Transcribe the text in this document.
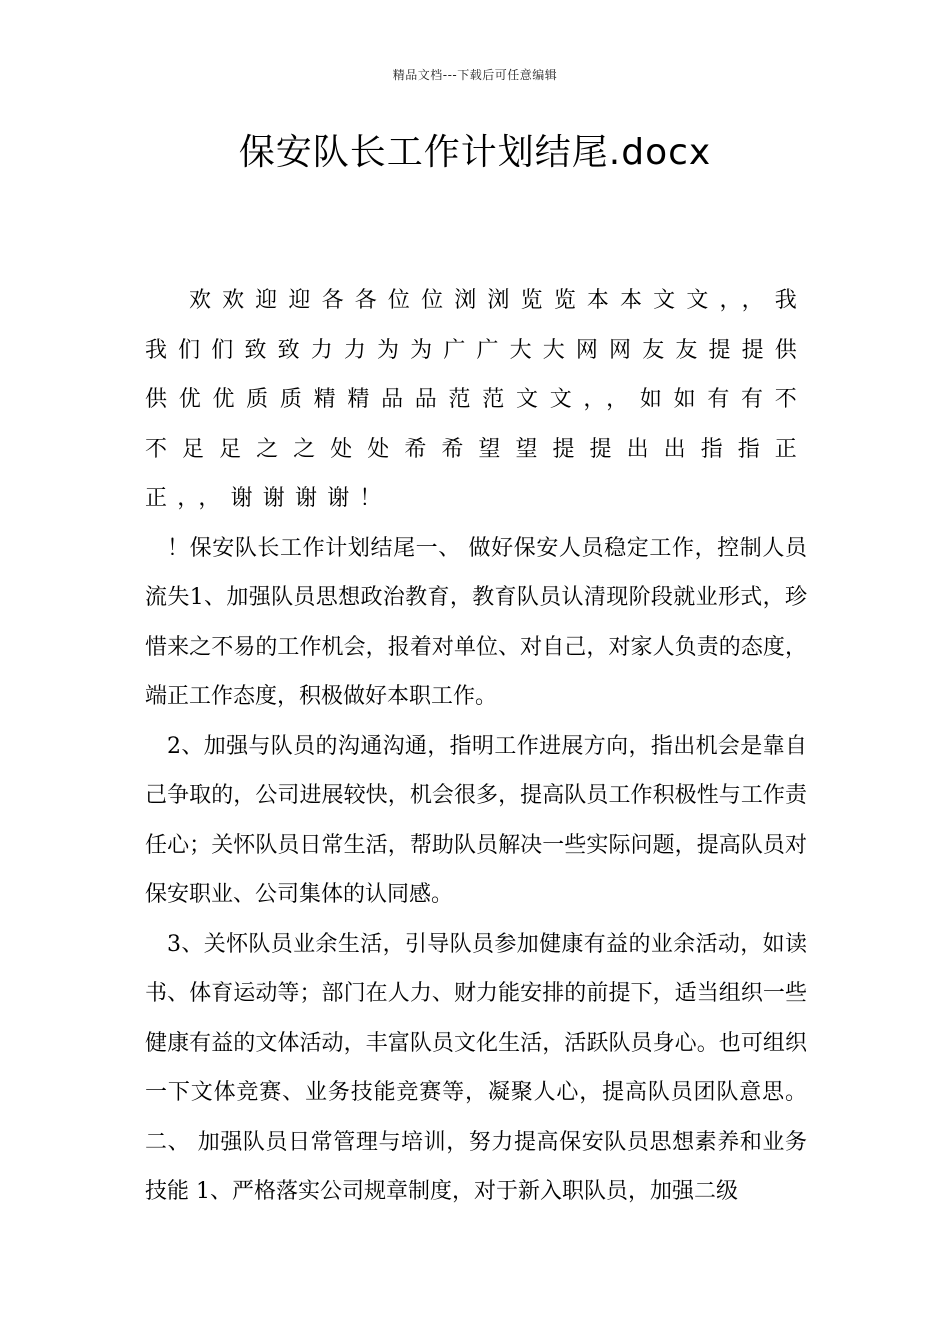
精品文档---下载后可任意编辑
保安队长工作计划结尾.docx

欢欢迎迎各各位位浏浏览览本本文文，，我我们们致致力力为为广广大大网网友友提提供供优优质质精精品品范范文文，，如如有有不不足足之之处处希希望望提提出出指指正正，，谢谢谢谢！

！保安队长工作计划结尾一、 做好保安人员稳定工作，控制人员流失1、加强队员思想政治教育，教育队员认清现阶段就业形式，珍惜来之不易的工作机会，报着对单位、对自己，对家人负责的态度，端正工作态度，积极做好本职工作。

2、加强与队员的沟通沟通，指明工作进展方向，指出机会是靠自己争取的，公司进展较快，机会很多，提高队员工作积极性与工作责任心；关怀队员日常生活，帮助队员解决一些实际问题，提高队员对保安职业、公司集体的认同感。

3、关怀队员业余生活，引导队员参加健康有益的业余活动，如读书、体育运动等；部门在人力、财力能安排的前提下，适当组织一些健康有益的文体活动，丰富队员文化生活，活跃队员身心。也可组织一下文体竞赛、业务技能竞赛等，凝聚人心，提高队员团队意思。二、 加强队员日常管理与培训，努力提高保安队员思想素养和业务技能 1、严格落实公司规章制度，对于新入职队员，加强二级
